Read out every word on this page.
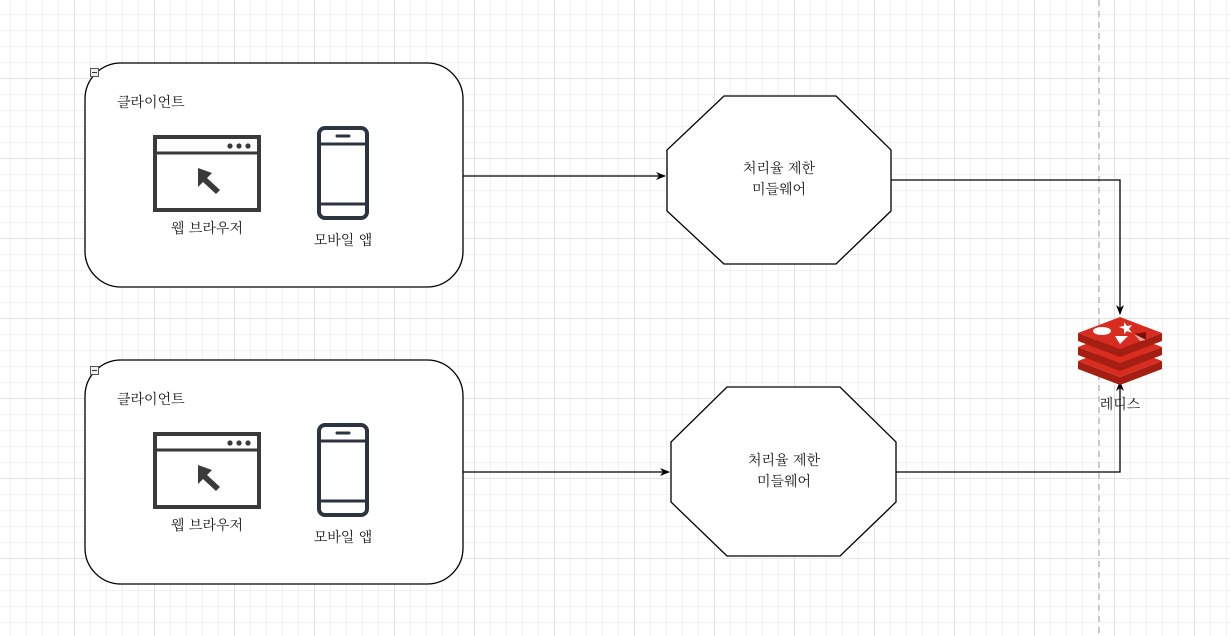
클라이언트
웹 브라우저
모바일 앱
클라이언트
웹 브라우저
모바일 앱
처리율 제한
미들웨어
처리율 제한
미들웨어
레디스
